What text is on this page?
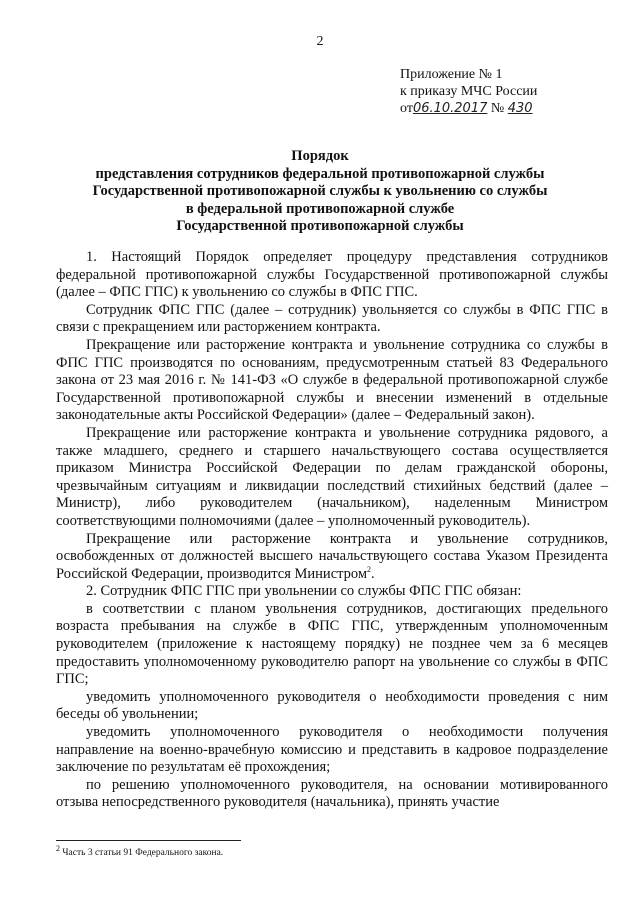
2
Приложение № 1
к приказу МЧС России
от06.10.2017 № 430
Порядок
представления сотрудников федеральной противопожарной службы
Государственной противопожарной службы к увольнению со службы
в федеральной противопожарной службе
Государственной противопожарной службы

1. Настоящий Порядок определяет процедуру представления сотрудников федеральной противопожарной службы Государственной противопожарной службы (далее – ФПС ГПС) к увольнению со службы в ФПС ГПС.

Сотрудник ФПС ГПС (далее – сотрудник) увольняется со службы в ФПС ГПС в связи с прекращением или расторжением контракта.

Прекращение или расторжение контракта и увольнение сотрудника со службы в ФПС ГПС производятся по основаниям, предусмотренным статьей 83 Федерального закона от 23 мая 2016 г. № 141-ФЗ «О службе в федеральной противопожарной службе Государственной противопожарной службы и внесении изменений в отдельные законодательные акты Российской Федерации» (далее – Федеральный закон).

Прекращение или расторжение контракта и увольнение сотрудника рядового, а также младшего, среднего и старшего начальствующего состава осуществляется приказом Министра Российской Федерации по делам гражданской обороны, чрезвычайным ситуациям и ликвидации последствий стихийных бедствий (далее – Министр), либо руководителем (начальником), наделенным Министром соответствующими полномочиями (далее – уполномоченный руководитель).

Прекращение или расторжение контракта и увольнение сотрудников, освобожденных от должностей высшего начальствующего состава Указом Президента Российской Федерации, производится Министром$^2$.

2. Сотрудник ФПС ГПС при увольнении со службы ФПС ГПС обязан:

в соответствии с планом увольнения сотрудников, достигающих предельного возраста пребывания на службе в ФПС ГПС, утвержденным уполномоченным руководителем (приложение к настоящему порядку) не позднее чем за 6 месяцев предоставить уполномоченному руководителю рапорт на увольнение со службы в ФПС ГПС;

уведомить уполномоченного руководителя о необходимости проведения с ним беседы об увольнении;

уведомить уполномоченного руководителя о необходимости получения направление на военно-врачебную комиссию и представить в кадровое подразделение заключение по результатам её прохождения;

по решению уполномоченного руководителя, на основании мотивированного отзыва непосредственного руководителя (начальника), принять участие

$^2$ Часть 3 статьи 91 Федерального закона.
